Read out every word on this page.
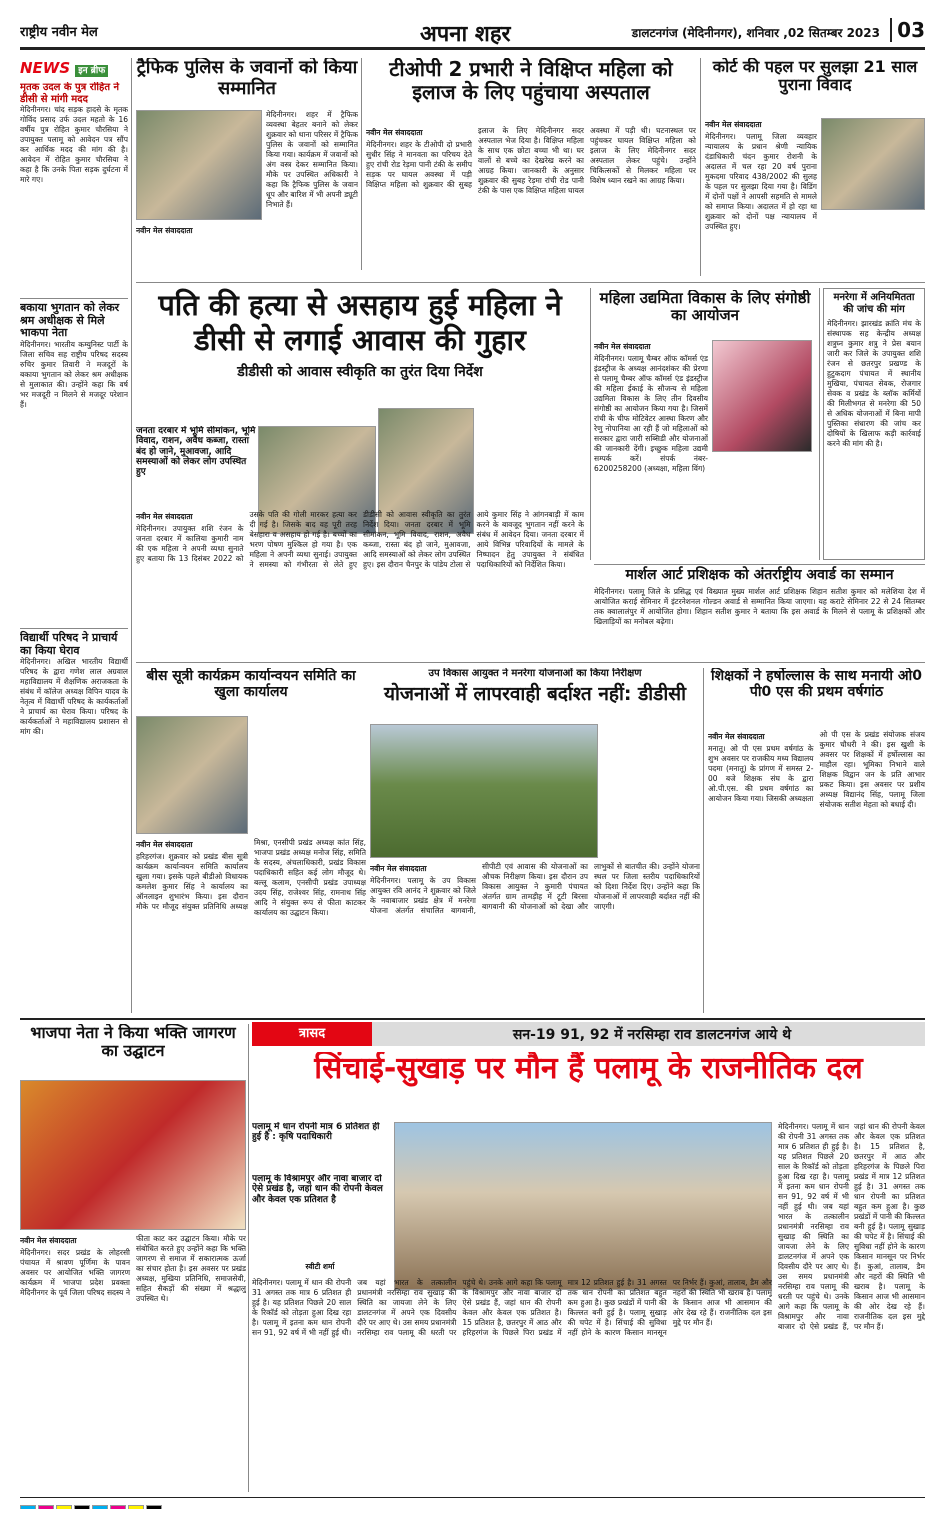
राष्ट्रीय नवीन मेल	अपना शहर	डालटनगंज (मेदिनीनगर), शनिवार ,02 सितम्बर 2023 03
NEWS इन ब्रीफ

मृतक उदल के पुत्र रोहित ने डीसी से मांगी मदद

मेदिनीनगर। चांद सड़क हादसे के मृतक गोविंद प्रसाद उर्फ उदल महतो के 16 वर्षीय पुत्र रोहित कुमार चौरसिया ने उपायुक्त पलामू को आवेदन पत्र सौंप कर आर्थिक मदद की मांग की है। आवेदन में रोहित कुमार चौरसिया ने कहा है कि उनके पिता सड़क दुर्घटना में मारे गए।

बकाया भुगतान को लेकर श्रम अधीक्षक से मिले भाकपा नेता

मेदिनीनगर। भारतीय कम्युनिस्ट पार्टी के जिला सचिव सह राष्ट्रीय परिषद सदस्य रुचिर कुमार तिवारी ने मजदूरों के बकाया भुगतान को लेकर श्रम अधीक्षक से मुलाकात की। उन्होंने कहा कि वर्ष भर मजदूरी न मिलने से मजदूर परेशान हैं।

विद्यार्थी परिषद ने प्राचार्य का किया घेराव

मेदिनीनगर। अखिल भारतीय विद्यार्थी परिषद के द्वारा गणेश लाल अग्रवाल महाविद्यालय में शैक्षणिक अराजकता के संबंध में कॉलेज अध्यक्ष विपिन यादव के नेतृत्व में विद्यार्थी परिषद के कार्यकर्ताओं ने प्राचार्य का घेराव किया। परिषद के कार्यकर्ताओं ने महाविद्यालय प्रशासन से मांग की।

ट्रैफिक पुलिस के जवानों को किया सम्मानित

मेदिनीनगर। शहर में ट्रैफिक व्यवस्था बेहतर बनाने को लेकर शुक्रवार को थाना परिसर में ट्रैफिक पुलिस के जवानों को सम्मानित किया गया। कार्यक्रम में जवानों को अंग वस्त्र देकर सम्मानित किया। मौके पर उपस्थित अधिकारी ने कहा कि ट्रैफिक पुलिस के जवान धूप और बारिश में भी अपनी ड्यूटी निभाते हैं।

नवीन मेल संवाददाता

टीओपी 2 प्रभारी ने विक्षिप्त महिला को इलाज के लिए पहुंचाया अस्पताल

नवीन मेल संवाददाता

मेदिनीनगर। शहर के टीओपी दो प्रभारी सुधीर सिंह ने मानवता का परिचय देते हुए रांची रोड रेड़मा पानी टंकी के समीप सड़क पर घायल अवस्था में पड़ी विक्षिप्त महिला को शुक्रवार की सुबह इलाज के लिए मेदिनीनगर सदर अस्पताल भेज दिया है। विक्षिप्त महिला के साथ एक छोटा बच्चा भी था। घर वालों से बच्चे का देखरेख करने का आग्रह किया। जानकारी के अनुसार शुक्रवार की सुबह रेड़मा रांची रोड पानी टंकी के पास एक विक्षिप्त महिला घायल अवस्था में पड़ी थी। घटनास्थल पर पहुंचकर घायल विक्षिप्त महिला को इलाज के लिए मेदिनीनगर सदर अस्पताल लेकर पहुंचे। उन्होंने चिकित्सकों से मिलकर महिला पर विशेष ध्यान रखने का आग्रह किया।

कोर्ट की पहल पर सुलझा 21 साल पुराना विवाद

नवीन मेल संवाददाता

मेदिनीनगर। पलामू जिला व्यवहार न्यायालय के प्रधान श्रेणी न्यायिक दंडाधिकारी चंदन कुमार रोशनी के अदालत में चल रहा 20 वर्ष पुराना मुकदमा परिवाद 438/2002 की सुलह के पहल पर सुलझा दिया गया है। विडिंग में दोनों पक्षों ने आपसी सहमति से मामले को समाप्त किया। अदालत में हो रहा था शुक्रवार को दोनों पक्ष न्यायालय में उपस्थित हुए।

पति की हत्या से असहाय हुई महिला ने डीसी से लगाई आवास की गुहार

डीडीसी को आवास स्वीकृति का तुरंत दिया निर्देश

जनता दरबार में भूमि सीमांकन, भूमि विवाद, राशन, अवैध कब्जा, रास्ता बंद हो जाने, मुआवजा, आदि समस्याओं को लेकर लोग उपस्थित हुए

नवीन मेल संवाददाता

मेदिनीनगर। उपायुक्त शशि रंजन के जनता दरबार में कालिया कुमारी नाम की एक महिला ने अपनी व्यथा सुनाते हुए बताया कि 13 दिसंबर 2022 को उसके पति की गोली मारकर हत्या कर दी गई है। जिसके बाद वह पूरी तरह बेसहारा व असहाय हो गई है। बच्चों का भरण पोषण मुश्किल हो गया है। एक महिला ने अपनी व्यथा सुनाई। उपायुक्त ने समस्या को गंभीरता से लेते हुए डीडीसी को आवास स्वीकृति का तुरंत निर्देश दिया। जनता दरबार में भूमि सीमांकन, भूमि विवाद, राशन, अवैध कब्जा, रास्ता बंद हो जाने, मुआवजा, आदि समस्याओं को लेकर लोग उपस्थित हुए। इस दौरान चैनपुर के पांडेय टोला से आये कुमार सिंह ने आंगनबाड़ी में काम करने के बावजूद भुगतान नहीं करने के संबंध में आवेदन दिया। जनता दरबार में आये विभिन्न परिवादियों के मामले के निष्पादन हेतु उपायुक्त ने संबंधित पदाधिकारियों को निर्देशित किया।

महिला उद्यमिता विकास के लिए संगोष्ठी का आयोजन

नवीन मेल संवाददाता

मेदिनीनगर। पलामू चैम्बर ऑफ कॉमर्स एंड इंडस्ट्रीज के अध्यक्ष आनंदशंकर की प्रेरणा से पलामू चैम्बर ऑफ कॉमर्स एंड इंडस्ट्रीज की महिला ईकाई के सौजन्य से महिला उद्यमिता विकास के लिए तीन दिवसीय संगोष्ठी का आयोजन किया गया है। जिसमें रांची के चीफ मोटिवेटर आस्था किरण और रेणु नोपानिया आ रही हैं जो महिलाओं को सरकार द्वारा जारी सब्सिडी और योजनाओं की जानकारी देंगी। इच्छुक महिला उद्यमी सम्पर्क करें। संपर्क नंबर- 6200258200 (अध्यक्षा, महिला विंग)

मनरेगा में अनियमितता की जांच की मांग

मेदिनीनगर। झारखंड क्रांति मंच के संस्थापक सह केन्द्रीय अध्यक्ष शत्रुघ्न कुमार शत्रु ने प्रेस बयान जारी कर जिले के उपायुक्त शशि रंजन से छतरपुर प्रखण्ड के हुटुकदाग पंचायत में स्थानीय मुखिया, पंचायत सेवक, रोजगार सेवक व प्रखंड के ब्लॉक कर्मियों की मिलीभगत से मनरेगा की 50 से अधिक योजनाओं में बिना मापी पुस्तिका संधारण की जांच कर दोषियों के खिलाफ कड़ी कार्रवाई करने की मांग की है।

मार्शल आर्ट प्रशिक्षक को अंतर्राष्ट्रीय अवार्ड का सम्मान

मेदिनीनगर। पलामू जिले के प्रसिद्ध एवं विख्यात मुख्य मार्शल आर्ट प्रशिक्षक शिहान सतीश कुमार को मलेशिया देश में आयोजित कराई सेमिनार में इंटरनेशनल गोल्डन अवार्ड से सम्मानित किया जाएगा। यह कराटे सेमिनार 22 से 24 सितम्बर तक क्वालालंपुर में आयोजित होगा। शिहान सतीश कुमार ने बताया कि इस अवार्ड के मिलने से पलामू के प्रशिक्षकों और खिलाड़ियों का मनोबल बढ़ेगा।

बीस सूत्री कार्यक्रम कार्यान्वयन समिति का खुला कार्यालय

नवीन मेल संवाददाता

हरिहरगंज। शुक्रवार को प्रखंड बीस सूत्री कार्यक्रम कार्यान्वयन समिति कार्यालय खुला गया। इसके पहले बीडीओ विधायक कमलेश कुमार सिंह ने कार्यालय का ऑनलाइन शुभारंभ किया। इस दौरान मौके पर मौजूद संयुक्त प्रतिनिधि अध्यक्ष मिश्रा, एनसीपी प्रखंड अध्यक्ष कांत सिंह, भाजपा प्रखंड अध्यक्ष मनोज सिंह, समिति के सदस्य, अंचलाधिकारी, प्रखंड विकास पदाधिकारी सहित कई लोग मौजूद थे। बल्लू कलाम, एनसीपी प्रखंड उपाध्यक्ष उदय सिंह, राजेश्वर सिंह, रामनाथ सिंह आदि ने संयुक्त रूप से फीता काटकर कार्यालय का उद्घाटन किया।

उप विकास आयुक्त ने मनरेगा योजनाओं का किया निरीक्षण

योजनाओं में लापरवाही बर्दाश्त नहीं: डीडीसी

नवीन मेल संवाददाता

मेदिनीनगर। पलामू के उप विकास आयुक्त रवि आनंद ने शुक्रवार को जिले के नवाबाजार प्रखंड क्षेत्र में मनरेगा योजना अंतर्गत संचालित बागवानी, सीपीटी एवं आवास की योजनाओं का औचक निरीक्षण किया। इस दौरान उप विकास आयुक्त ने कुमारी पंचायत अंतर्गत ग्राम तामड़ीह में टूटी बिरसा बागवानी की योजनाओं को देखा और लाभुकों से बातचीत की। उन्होंने योजना स्थल पर जिला स्तरीय पदाधिकारियों को दिशा निर्देश दिए। उन्होंने कहा कि योजनाओं में लापरवाही बर्दाश्त नहीं की जाएगी।

शिक्षकों ने हर्षोल्लास के साथ मनायी ओ0 पी0 एस की प्रथम वर्षगांठ

नवीन मेल संवाददाता

मनातू। ओ पी एस प्रथम वर्षगांठ के शुभ अवसर पर राजकीय मध्य विद्यालय पदमा (मनातू) के प्रांगण में समस्त 2-00 बजे शिक्षक संघ के द्वारा ओ.पी.एस. की प्रथम वर्षगांठ का आयोजन किया गया। जिसकी अध्यक्षता ओ पी एस के प्रखंड संयोजक संजय कुमार चौधरी ने की। इस खुशी के अवसर पर शिक्षकों में हर्षोल्लास का माहौल रहा। भूमिका निभाने वाले शिक्षक विद्वान जन के प्रति आभार प्रकट किया। इस अवसर पर प्रशीय अध्यक्ष विद्यानंद सिंह, पलामू जिला संयोजक सतीश मेहता को बधाई दी।

भाजपा नेता ने किया भक्ति जागरण का उद्घाटन

नवीन मेल संवाददाता

मेदिनीनगर। सदर प्रखंड के लोहरसी पंचायत में श्रावण पूर्णिमा के पावन अवसर पर आयोजित भक्ति जागरण कार्यक्रम में भाजपा प्रदेश प्रवक्ता मेदिनीनगर के पूर्व जिला परिषद सदस्य ने फीता काट कर उद्घाटन किया। मौके पर संबोधित करते हुए उन्होंने कहा कि भक्ति जागरण से समाज में सकारात्मक ऊर्जा का संचार होता है। इस अवसर पर प्रखंड अध्यक्ष, मुखिया प्रतिनिधि, समाजसेवी, सहित सैकड़ों की संख्या में श्रद्धालु उपस्थित थे।

त्रासद	सन-19 91, 92 में नरसिम्हा राव डालटनगंज आये थे

सिंचाई-सुखाड़ पर मौन हैं पलामू के राजनीतिक दल

पलामू में धान रोपनी मात्र 6 प्रतिशत ही हुई है : कृषि पदाधिकारी

पलामू के विश्रामपुर और नावा बाजार दो ऐसे प्रखंड है, जहां धान की रोपनी केवल और केवल एक प्रतिशत है

स्वीटी शर्मा

मेदिनीनगर। पलामू में धान की रोपनी 31 अगस्त तक मात्र 6 प्रतिशत ही हुई है। यह प्रतिशत पिछले 20 साल के रिकॉर्ड को तोड़ता हुआ दिख रहा है। पलामू में इतना कम धान रोपनी सन 91, 92 वर्ष में भी नहीं हुई थी। जब यहां भारत के तत्कालीन प्रधानमंत्री नरसिम्हा राव सुखाड़ की स्थिति का जायजा लेने के लिए डालटनगंज में अपने एक दिवसीय दौरे पर आए थे। उस समय प्रधानमंत्री नरसिम्हा राव पलामू की धरती पर पहुंचे थे। उनके आगे कहा कि पलामू के विश्रामपुर और नावा बाजार दो ऐसे प्रखंड हैं, जहां धान की रोपनी केवल और केवल एक प्रतिशत है। 15 प्रतिशत है, छतरपुर में आठ और हरिहरगंज के पिछले पिरा प्रखंड में मात्र 12 प्रतिशत हुई है। 31 अगस्त तक धान रोपनी का प्रतिशत बहुत कम हुआ है। कुछ प्रखंडों में पानी की किल्लत बनी हुई है। पलामू सुखाड़ की चपेट में है। सिंचाई की सुविधा नहीं होने के कारण किसान मानसून पर निर्भर हैं। कुआं, तालाब, डैम और नहरों की स्थिति भी खराब है। पलामू के किसान आज भी आसमान की ओर देख रहे हैं। राजनीतिक दल इस मुद्दे पर मौन हैं।

मेदिनीनगर। पलामू में धान की रोपनी 31 अगस्त तक मात्र 6 प्रतिशत ही हुई है। यह प्रतिशत पिछले 20 साल के रिकॉर्ड को तोड़ता हुआ दिख रहा है। पलामू में इतना कम धान रोपनी सन 91, 92 वर्ष में भी नहीं हुई थी। जब यहां भारत के तत्कालीन प्रधानमंत्री नरसिम्हा राव सुखाड़ की स्थिति का जायजा लेने के लिए डालटनगंज में अपने एक दिवसीय दौरे पर आए थे। उस समय प्रधानमंत्री नरसिम्हा राव पलामू की धरती पर पहुंचे थे। उनके आगे कहा कि पलामू के विश्रामपुर और नावा बाजार दो ऐसे प्रखंड हैं, जहां धान की रोपनी केवल और केवल एक प्रतिशत है। 15 प्रतिशत है, छतरपुर में आठ और हरिहरगंज के पिछले पिरा प्रखंड में मात्र 12 प्रतिशत हुई है। 31 अगस्त तक धान रोपनी का प्रतिशत बहुत कम हुआ है। कुछ प्रखंडों में पानी की किल्लत बनी हुई है। पलामू सुखाड़ की चपेट में है। सिंचाई की सुविधा नहीं होने के कारण किसान मानसून पर निर्भर हैं। कुआं, तालाब, डैम और नहरों की स्थिति भी खराब है। पलामू के किसान आज भी आसमान की ओर देख रहे हैं। राजनीतिक दल इस मुद्दे पर मौन हैं।
